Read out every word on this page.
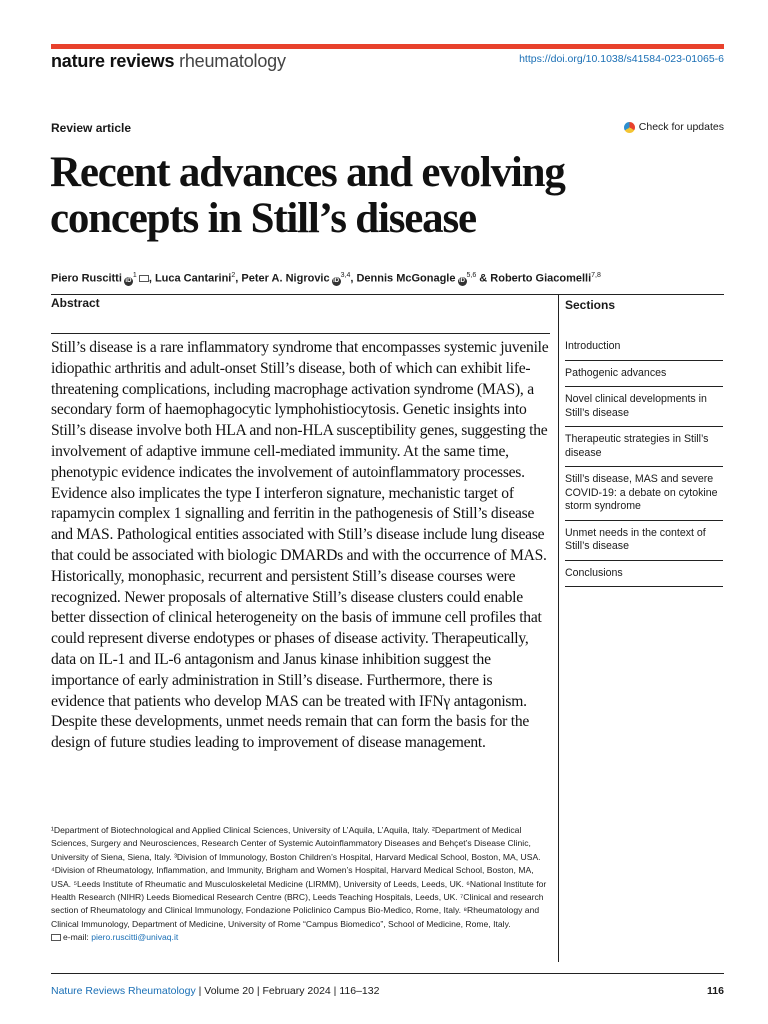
nature reviews rheumatology	https://doi.org/10.1038/s41584-023-01065-6
Review article	Check for updates
Recent advances and evolving
concepts in Still’s disease
Piero Ruscitti $iD^1$ , Luca Cantarini$^2$, Peter A. Nigrovic iD$^{3,4}$, Dennis McGonagle iD$^{5,6}$ & Roberto Giacomelli$^{7,8}$
Abstract

Still’s disease is a rare inflammatory syndrome that encompasses systemic juvenile idiopathic arthritis and adult-onset Still’s disease, both of which can exhibit life-threatening complications, including macrophage activation syndrome (MAS), a secondary form of haemophagocytic lymphohistiocytosis. Genetic insights into Still’s disease involve both HLA and non-HLA susceptibility genes, suggesting the involvement of adaptive immune cell-mediated immunity. At the same time, phenotypic evidence indicates the involvement of autoinflammatory processes. Evidence also implicates the type I interferon signature, mechanistic target of rapamycin complex 1 signalling and ferritin in the pathogenesis of Still’s disease and MAS. Pathological entities associated with Still’s disease include lung disease that could be associated with biologic DMARDs and with the occurrence of MAS. Historically, monophasic, recurrent and persistent Still’s disease courses were recognized. Newer proposals of alternative Still’s disease clusters could enable better dissection of clinical heterogeneity on the basis of immune cell profiles that could represent diverse endotypes or phases of disease activity. Therapeutically, data on IL-1 and IL-6 antagonism and Janus kinase inhibition suggest the importance of early administration in Still’s disease. Furthermore, there is evidence that patients who develop MAS can be treated with IFNγ antagonism. Despite these developments, unmet needs remain that can form the basis for the design of future studies leading to improvement of disease management.

Sections
Introduction
Pathogenic advances
Novel clinical developments in Still’s disease
Therapeutic strategies in Still’s disease
Still’s disease, MAS and severe COVID-19: a debate on cytokine storm syndrome
Unmet needs in the context of Still’s disease
Conclusions
¹Department of Biotechnological and Applied Clinical Sciences, University of L’Aquila, L’Aquila, Italy. ²Department of Medical Sciences, Surgery and Neurosciences, Research Center of Systemic Autoinflammatory Diseases and Behçet’s Disease Clinic, University of Siena, Siena, Italy. ³Division of Immunology, Boston Children’s Hospital, Harvard Medical School, Boston, MA, USA. ⁴Division of Rheumatology, Inflammation, and Immunity, Brigham and Women’s Hospital, Harvard Medical School, Boston, MA, USA. ⁵Leeds Institute of Rheumatic and Musculoskeletal Medicine (LIRMM), University of Leeds, Leeds, UK. ⁶National Institute for Health Research (NIHR) Leeds Biomedical Research Centre (BRC), Leeds Teaching Hospitals, Leeds, UK. ⁷Clinical and research section of Rheumatology and Clinical Immunology, Fondazione Policlinico Campus Bio-Medico, Rome, Italy. ⁸Rheumatology and Clinical Immunology, Department of Medicine, University of Rome “Campus Biomedico”, School of Medicine, Rome, Italy.
e-mail: piero.ruscitti@univaq.it
Nature Reviews Rheumatology | Volume 20 | February 2024 | 116–132	116
